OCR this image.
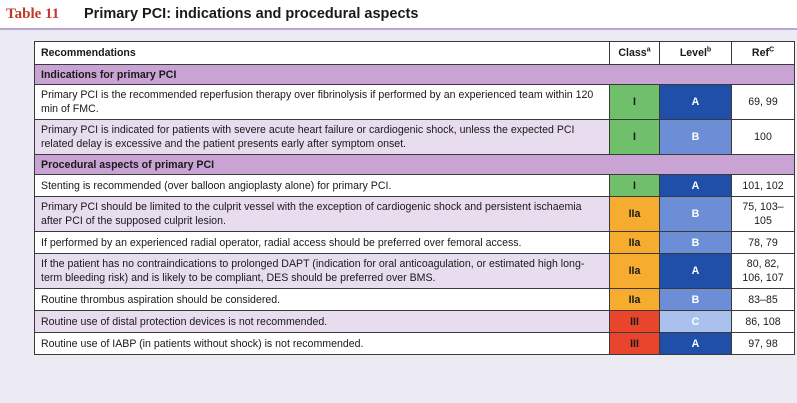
Table 11	Primary PCI: indications and procedural aspects
Recommendations	Class$^a$	Level$^b$	Ref$^C$
Indications for primary PCI			
Primary PCI is the recommended reperfusion therapy over fibrinolysis if performed by an experienced team within 120 min of FMC.	I	A	69, 99
Primary PCI is indicated for patients with severe acute heart failure or cardiogenic shock, unless the expected PCI related delay is excessive and the patient presents early after symptom onset.	I	B	100
Procedural aspects of primary PCI			
Stenting is recommended (over balloon angioplasty alone) for primary PCI.	I	A	101, 102
Primary PCI should be limited to the culprit vessel with the exception of cardiogenic shock and persistent ischaemia after PCI of the supposed culprit lesion.	IIa	B	75, 103–105
If performed by an experienced radial operator, radial access should be preferred over femoral access.	IIa	B	78, 79
If the patient has no contraindications to prolonged DAPT (indication for oral anticoagulation, or estimated high long-term bleeding risk) and is likely to be compliant, DES should be preferred over BMS.	IIa	A	80, 82, 106, 107
Routine thrombus aspiration should be considered.	IIa	B	83–85
Routine use of distal protection devices is not recommended.	III	C	86, 108
Routine use of IABP (in patients without shock) is not recommended.	III	A	97, 98
